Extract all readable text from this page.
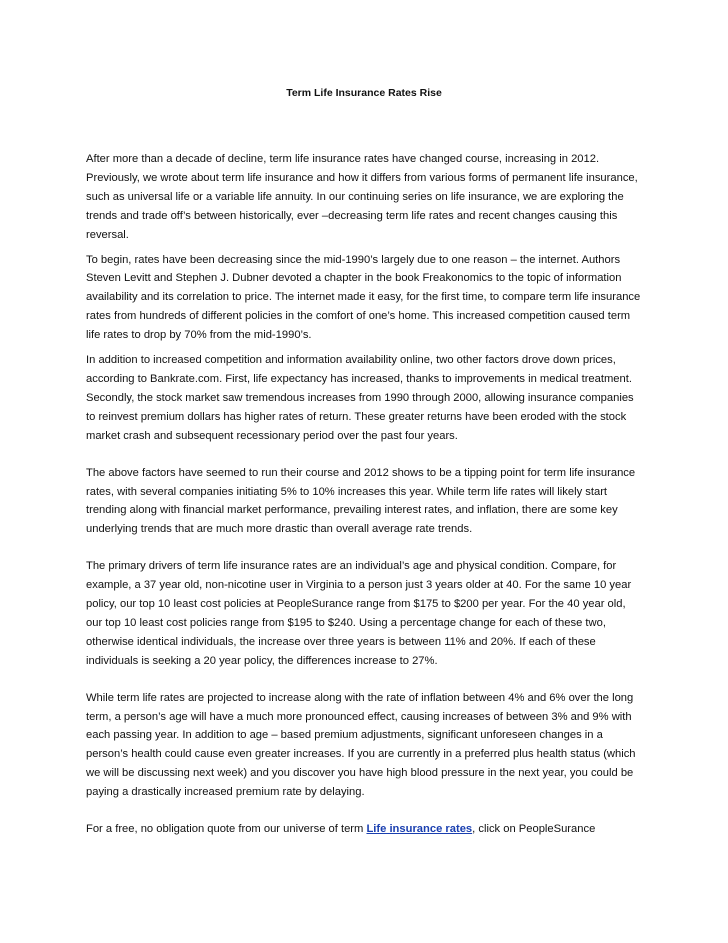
Term Life Insurance Rates Rise

After more than a decade of decline, term life insurance rates have changed course, increasing in 2012. Previously, we wrote about term life insurance and how it differs from various forms of permanent life insurance, such as universal life or a variable life annuity. In our continuing series on life insurance, we are exploring the trends and trade off’s between historically, ever –decreasing term life rates and recent changes causing this reversal.

To begin, rates have been decreasing since the mid-1990’s largely due to one reason – the internet. Authors Steven Levitt and Stephen J. Dubner devoted a chapter in the book Freakonomics to the topic of information availability and its correlation to price. The internet made it easy, for the first time, to compare term life insurance rates from hundreds of different policies in the comfort of one’s home. This increased competition caused term life rates to drop by 70% from the mid-1990’s.

In addition to increased competition and information availability online, two other factors drove down prices, according to Bankrate.com. First, life expectancy has increased, thanks to improvements in medical treatment. Secondly, the stock market saw tremendous increases from 1990 through 2000, allowing insurance companies to reinvest premium dollars has higher rates of return. These greater returns have been eroded with the stock market crash and subsequent recessionary period over the past four years.

The above factors have seemed to run their course and 2012 shows to be a tipping point for term life insurance rates, with several companies initiating 5% to 10% increases this year. While term life rates will likely start trending along with financial market performance, prevailing interest rates, and inflation, there are some key underlying trends that are much more drastic than overall average rate trends.

The primary drivers of term life insurance rates are an individual’s age and physical condition. Compare, for example, a 37 year old, non-nicotine user in Virginia to a person just 3 years older at 40. For the same 10 year policy, our top 10 least cost policies at PeopleSurance range from $175 to $200 per year. For the 40 year old, our top 10 least cost policies range from $195 to $240. Using a percentage change for each of these two, otherwise identical individuals, the increase over three years is between 11% and 20%. If each of these individuals is seeking a 20 year policy, the differences increase to 27%.

While term life rates are projected to increase along with the rate of inflation between 4% and 6% over the long term, a person’s age will have a much more pronounced effect, causing increases of between 3% and 9% with each passing year. In addition to age – based premium adjustments, significant unforeseen changes in a person’s health could cause even greater increases. If you are currently in a preferred plus health status (which we will be discussing next week) and you discover you have high blood pressure in the next year, you could be paying a drastically increased premium rate by delaying.

For a free, no obligation quote from our universe of term Life insurance rates, click on PeopleSurance
